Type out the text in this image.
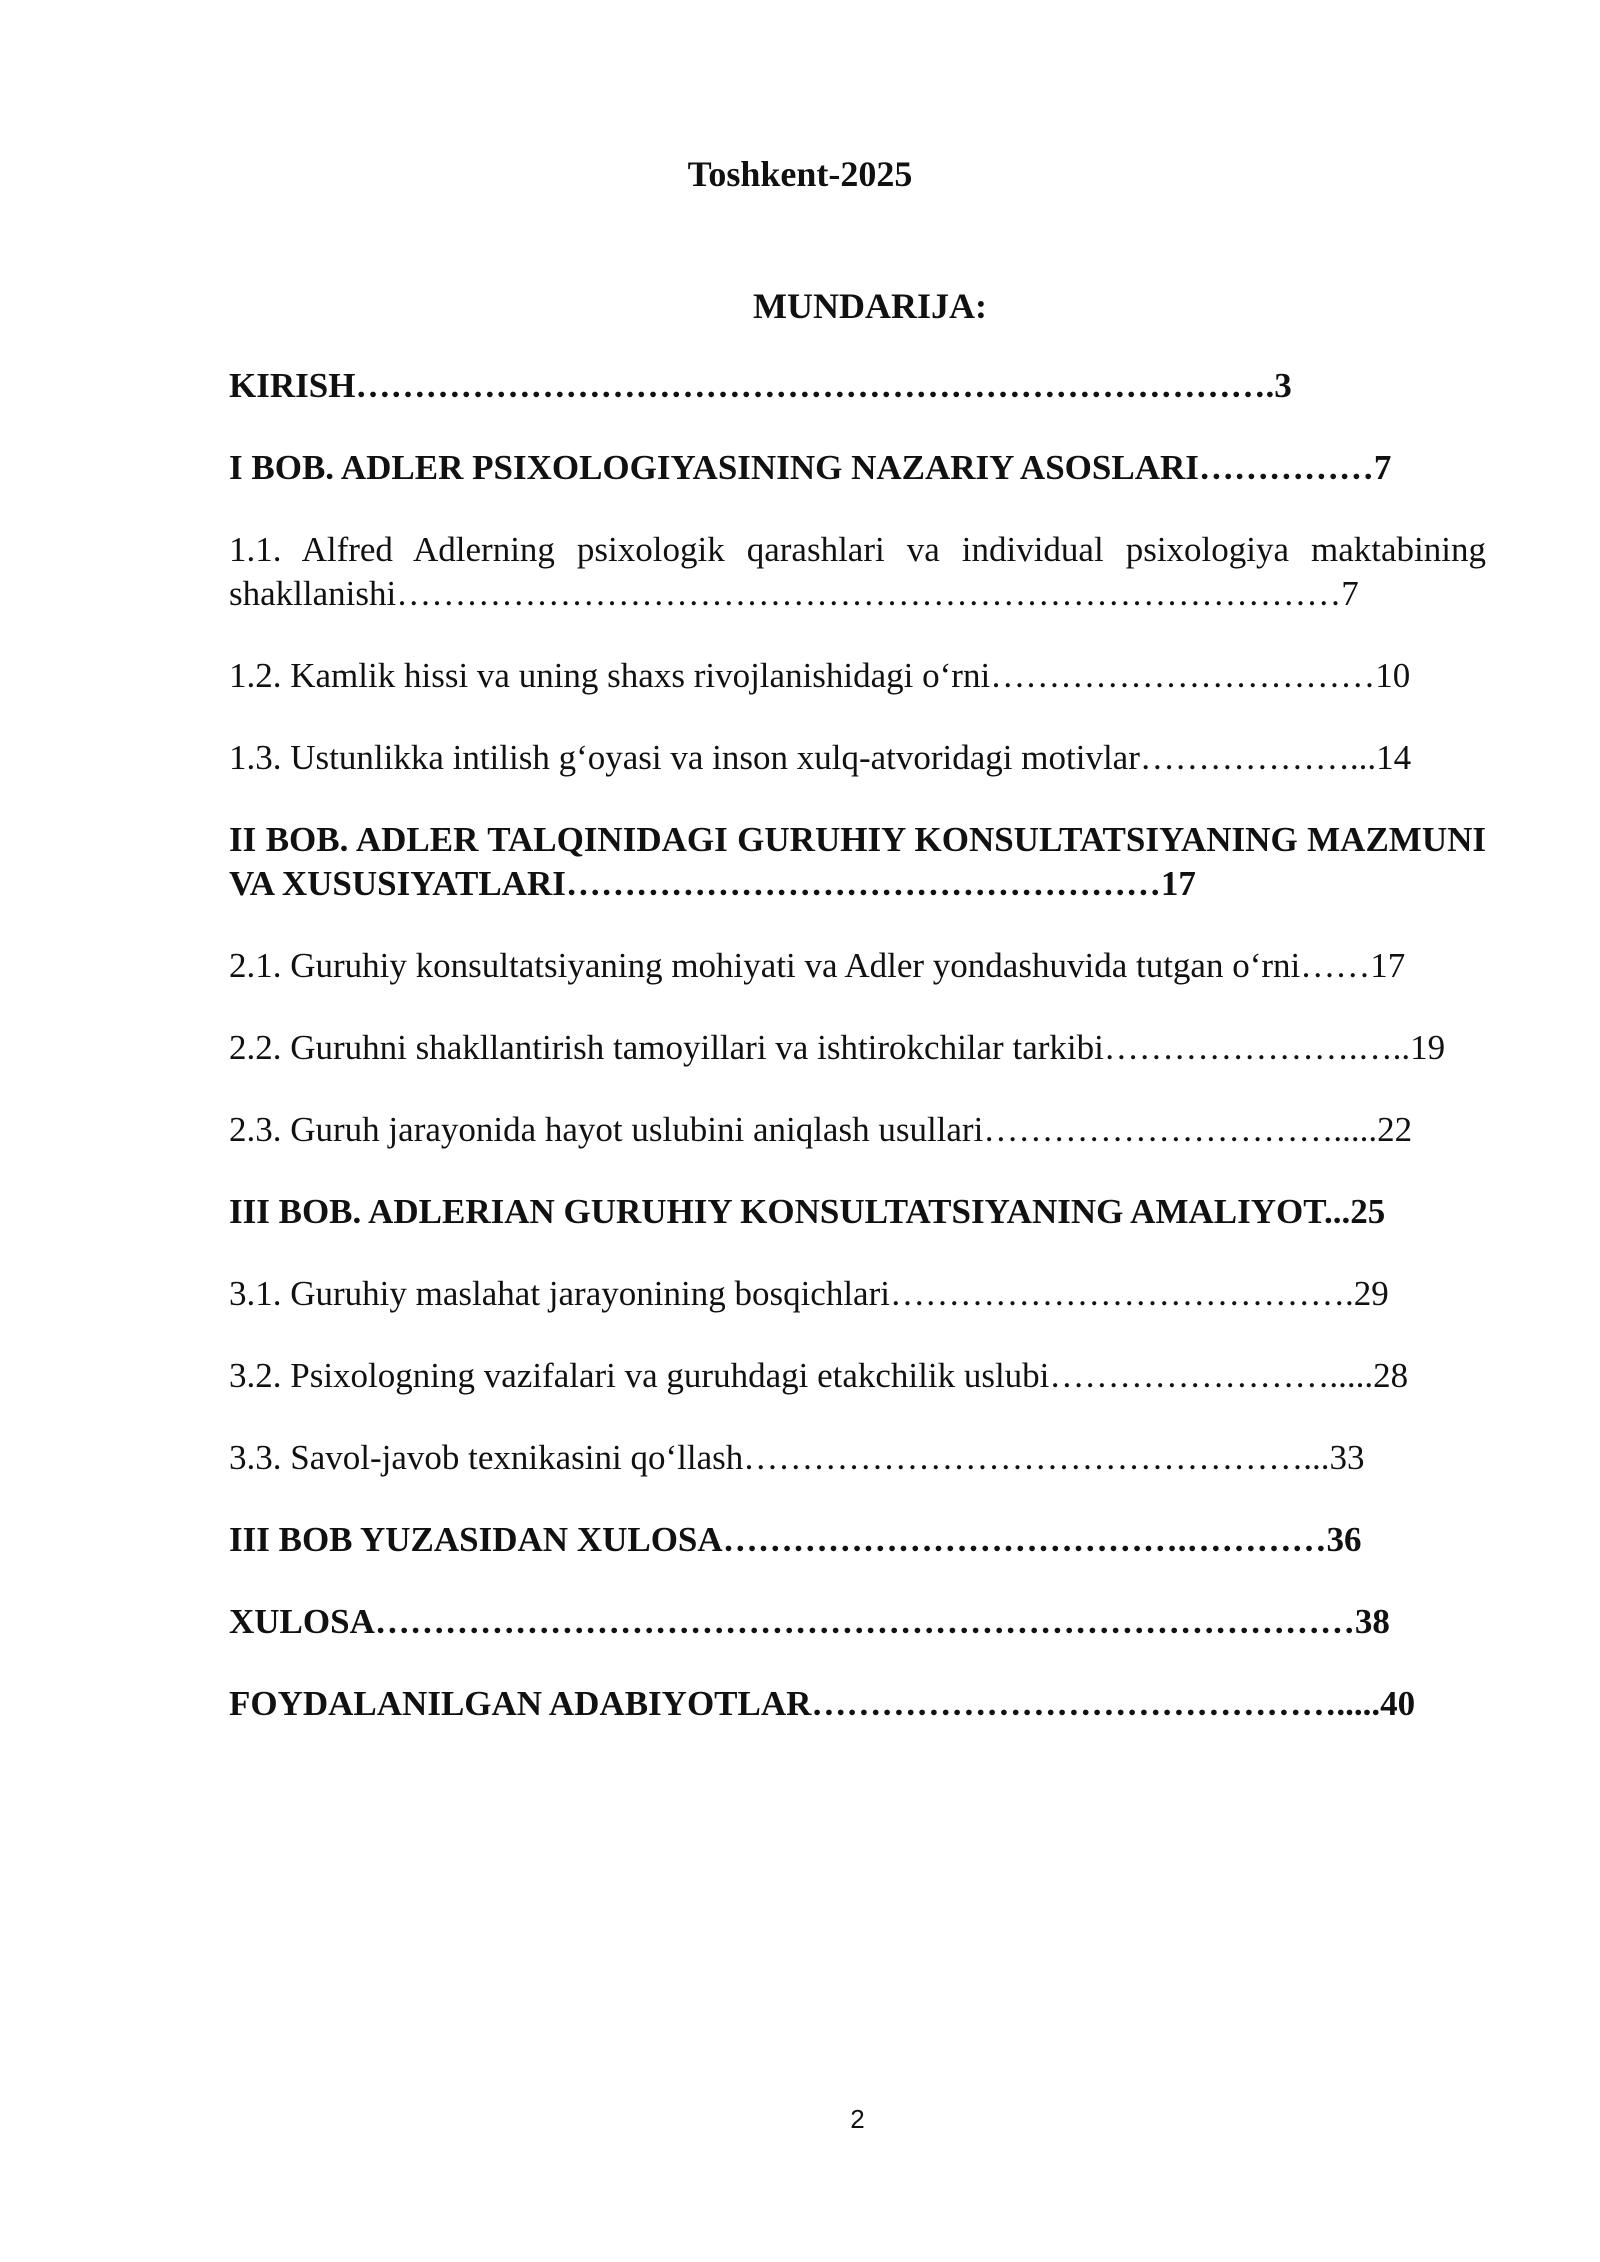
Toshkent-2025
MUNDARIJA:

KIRISH…………………………………………………………………….3

I BOB. ADLER PSIXOLOGIYASINING NAZARIY ASOSLARI……………7

1.1. Alfred Adlerning psixologik qarashlari va individual psixologiya maktabining shakllanishi………………………………………………………………………7

1.2. Kamlik hissi va uning shaxs rivojlanishidagi o‘rni……………………………10

1.3. Ustunlikka intilish g‘oyasi va inson xulq-atvoridagi motivlar………………...14

II BOB. ADLER TALQINIDAGI GURUHIY KONSULTATSIYANING MAZMUNI VA XUSUSIYATLARI……………………………………………17

2.1. Guruhiy konsultatsiyaning mohiyati va Adler yondashuvida tutgan o‘rni……17

2.2. Guruhni shakllantirish tamoyillari va ishtirokchilar tarkibi………………….…..19

2.3. Guruh jarayonida hayot uslubini aniqlash usullari………………………….....22

III BOB. ADLERIAN GURUHIY KONSULTATSIYANING AMALIYOT...25

3.1. Guruhiy maslahat jarayonining bosqichlari………………………………….29

3.2. Psixologning vazifalari va guruhdagi etakchilik uslubi…………………….....28

3.3. Savol-javob texnikasini qo‘llash…………………………………………...33

III BOB YUZASIDAN XULOSA………………………………….…………36

XULOSA…………………………………………………………………………38

FOYDALANILGAN ADABIYOTLAR……………………………………….....40

2
